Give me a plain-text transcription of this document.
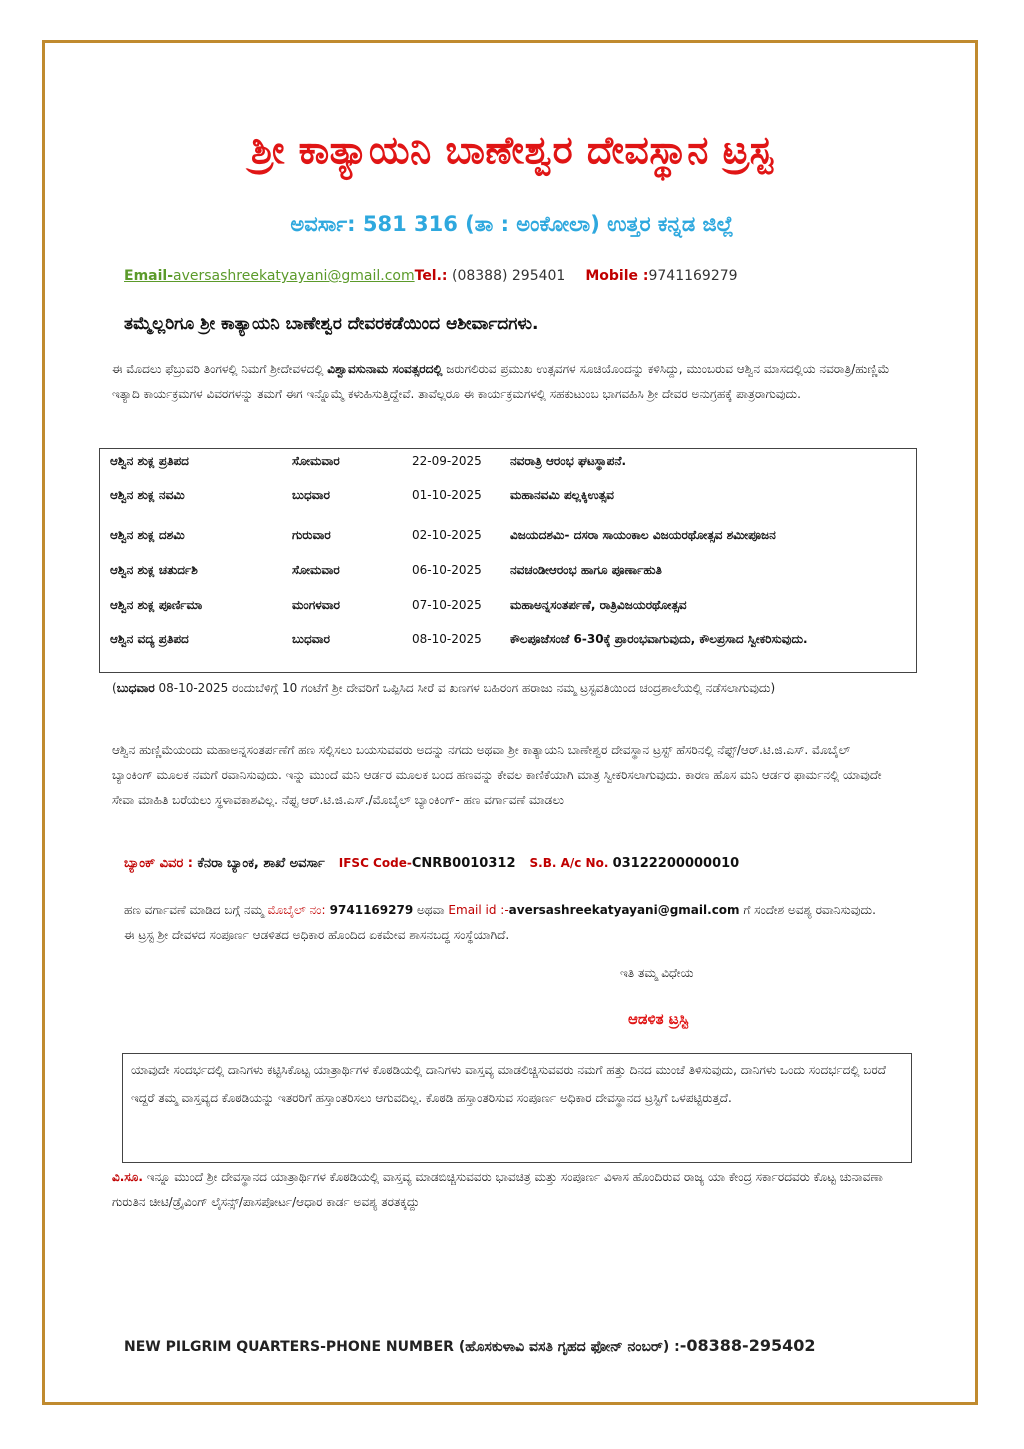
ಶ್ರೀ ಕಾತ್ಯಾಯನಿ ಬಾಣೇಶ್ವರ ದೇವಸ್ಥಾನ ಟ್ರಸ್ಟ
ಅವರ್ಸಾ: 581 316 (ತಾ : ಅಂಕೋಲಾ) ಉತ್ತರ ಕನ್ನಡ ಜಿಲ್ಲೆ
Email-aversashreekatyayani@gmail.comTel.: (08388) 295401 Mobile :9741169279
ತಮ್ಮೆಲ್ಲರಿಗೂ ಶ್ರೀ ಕಾತ್ಯಾಯನಿ ಬಾಣೇಶ್ವರ ದೇವರಕಡೆಯಿಂದ ಆಶೀರ್ವಾದಗಳು.
ಈ ಮೊದಲು ಫೆಬ್ರುವರಿ ತಿಂಗಳಲ್ಲಿ ನಿಮಗೆ ಶ್ರೀದೇವಳದಲ್ಲಿ ವಿಶ್ವಾವಸುನಾಮ ಸಂವತ್ಸರದಲ್ಲಿ ಜರುಗಲಿರುವ ಪ್ರಮುಖ ಉತ್ಸವಗಳ ಸೂಚಿಯೊಂದನ್ನು ಕಳಿಸಿದ್ದು, ಮುಂಬರುವ ಆಶ್ವಿನ ಮಾಸದಲ್ಲಿಯ ನವರಾತ್ರಿ/ಹುಣ್ಣಿಮೆ ಇತ್ಯಾದಿ ಕಾರ್ಯಕ್ರಮಗಳ ವಿವರಗಳನ್ನು ತಮಗೆ ಈಗ ಇನ್ನೊಮ್ಮೆ ಕಳುಹಿಸುತ್ತಿದ್ದೇವೆ. ತಾವೆಲ್ಲರೂ ಈ ಕಾರ್ಯಕ್ರಮಗಳಲ್ಲಿ ಸಹಕುಟುಂಬ ಭಾಗವಹಿಸಿ ಶ್ರೀ ದೇವರ ಅನುಗ್ರಹಕ್ಕೆ ಪಾತ್ರರಾಗುವುದು.
ಆಶ್ವಿನ ಶುಕ್ಲ ಪ್ರತಿಪದ	ಸೋಮವಾರ	22-09-2025 ನವರಾತ್ರಿ ಆರಂಭ ಘಟಸ್ಥಾಪನೆ.
ಆಶ್ವಿನ ಶುಕ್ಲ ನವಮಿ	ಬುಧವಾರ	01-10-2025 ಮಹಾನವಮಿ ಪಲ್ಲಕ್ಕಿಉತ್ಸವ
ಆಶ್ವಿನ ಶುಕ್ಲ ದಶಮಿ	ಗುರುವಾರ	02-10-2025 ವಿಜಯದಶಮಿ- ದಸರಾ ಸಾಯಂಕಾಲ ವಿಜಯರಥೋತ್ಸವ ಶಮೀಪೂಜನ
ಆಶ್ವಿನ ಶುಕ್ಲ ಚತುರ್ದಶಿ	ಸೋಮವಾರ	06-10-2025 ನವಚಂಡೀಆರಂಭ ಹಾಗೂ ಪೂರ್ಣಾಹುತಿ
ಆಶ್ವಿನ ಶುಕ್ಲ ಪೂರ್ಣಿಮಾ	ಮಂಗಳವಾರ	07-10-2025 ಮಹಾಅನ್ನಸಂತರ್ಪಣೆ, ರಾತ್ರಿವಿಜಯರಥೋತ್ಸವ
ಆಶ್ವಿನ ವದ್ಯ ಪ್ರತಿಪದ	ಬುಧವಾರ	08-10-2025 ಕೌಲಪೂಜೆಸಂಜೆ 6-30ಕ್ಕೆ ಪ್ರಾರಂಭವಾಗುವುದು, ಕೌಲಪ್ರಸಾದ ಸ್ವೀಕರಿಸುವುದು.
(ಬುಧವಾರ 08-10-2025 ರಂದುಬೆಳಿಗ್ಗೆ 10 ಗಂಟೆಗೆ ಶ್ರೀ ದೇವರಿಗೆ ಒಪ್ಪಿಸಿದ ಸೀರೆ ವ ಖಣಗಳ ಬಹಿರಂಗ ಹರಾಜು ನಮ್ಮ ಟ್ರಸ್ಟವತಿಯಿಂದ ಚಂದ್ರಶಾಲೆಯಲ್ಲಿ ನಡೆಸಲಾಗುವುದು)
ಆಶ್ವಿನ ಹುಣ್ಣಿಮೆಯಂದು ಮಹಾಅನ್ನಸಂತರ್ಪಣೆಗೆ ಹಣ ಸಲ್ಲಿಸಲು ಬಯಸುವವರು ಅದನ್ನು ನಗದು ಅಥವಾ ಶ್ರೀ ಕಾತ್ಯಾಯನಿ ಬಾಣೇಶ್ವರ ದೇವಸ್ಥಾನ ಟ್ರಸ್ಟ್ ಹೆಸರಿನಲ್ಲಿ ನೆಫ್ಟ್/ಆರ್.ಟಿ.ಜಿ.ಎಸ್. ಮೊಬೈಲ್ ಬ್ಯಾಂಕಿಂಗ್ ಮೂಲಕ ನಮಗೆ ರವಾನಿಸುವುದು. ಇನ್ನು ಮುಂದೆ ಮನಿ ಆರ್ಡರ ಮೂಲಕ ಬಂದ ಹಣವನ್ನು ಕೇವಲ ಕಾಣಿಕೆಯಾಗಿ ಮಾತ್ರ ಸ್ವೀಕರಿಸಲಾಗುವುದು. ಕಾರಣ ಹೊಸ ಮನಿ ಆರ್ಡರ ಫಾರ್ಮನಲ್ಲಿ ಯಾವುದೇ ಸೇವಾ ಮಾಹಿತಿ ಬರೆಯಲು ಸ್ಥಳಾವಕಾಶವಿಲ್ಲ. ನೆಫ್ಟ ಆರ್.ಟಿ.ಜಿ.ಎಸ್./ಮೊಬೈಲ್ ಬ್ಯಾಂಕಿಂಗ್- ಹಣ ವರ್ಗಾವಣೆ ಮಾಡಲು
ಬ್ಯಾಂಕ್ ವಿವರ : ಕೆನರಾ ಬ್ಯಾಂಕ, ಶಾಖೆ ಅವರ್ಸಾ IFSC Code-CNRB0010312 S.B. A/c No. 03122200000010
ಹಣ ವರ್ಗಾವಣೆ ಮಾಡಿದ ಬಗ್ಗೆ ನಮ್ಮ ಮೊಬೈಲ್ ನಂ: 9741169279 ಅಥವಾ Email id :-aversashreekatyayani@gmail.com ಗೆ ಸಂದೇಶ ಅವಶ್ಯ ರವಾನಿಸುವುದು. ಈ ಟ್ರಸ್ಟ ಶ್ರೀ ದೇವಳದ ಸಂಪೂರ್ಣ ಆಡಳಿತದ ಅಧಿಕಾರ ಹೊಂದಿದ ಏಕಮೇವ ಶಾಸನಬದ್ಧ ಸಂಸ್ಥೆಯಾಗಿದೆ.
ಇತಿ ತಮ್ಮ ವಿಧೇಯ
ಆಡಳಿತ ಟ್ರಸ್ಟಿ

ಯಾವುದೇ ಸಂದರ್ಭದಲ್ಲಿ ದಾನಿಗಳು ಕಟ್ಟಿಸಿಕೊಟ್ಟ ಯಾತ್ರಾರ್ಥಿಗಳ ಕೊಠಡಿಯಲ್ಲಿ ದಾನಿಗಳು ವಾಸ್ತವ್ಯ ಮಾಡಲಿಚ್ಚಿಸುವವರು ನಮಗೆ ಹತ್ತು ದಿನದ ಮುಂಚೆ ತಿಳಿಸುವುದು, ದಾನಿಗಳು ಒಂದು ಸಂದರ್ಭದಲ್ಲಿ ಬರದೆ ಇದ್ದರೆ ತಮ್ಮ ವಾಸ್ತವ್ಯದ ಕೊಠಡಿಯನ್ನು ಇತರರಿಗೆ ಹಸ್ತಾಂತರಿಸಲು ಆಗುವದಿಲ್ಲ. ಕೊಠಡಿ ಹಸ್ತಾಂತರಿಸುವ ಸಂಪೂರ್ಣ ಅಧಿಕಾರ ದೇವಸ್ಥಾನದ ಟ್ರಸ್ಟಿಗೆ ಒಳಪಟ್ಟಿರುತ್ತದೆ.

ವಿ.ಸೂ. ಇನ್ನೂ ಮುಂದೆ ಶ್ರೀ ದೇವಸ್ಥಾನದ ಯಾತ್ರಾರ್ಥಿಗಳ ಕೊಠಡಿಯಲ್ಲಿ ವಾಸ್ತವ್ಯ ಮಾಡಬಿಚ್ಚಿಸುವವರು ಭಾವಚಿತ್ರ ಮತ್ತು ಸಂಪೂರ್ಣ ವಿಳಾಸ ಹೊಂದಿರುವ ರಾಜ್ಯ ಯಾ ಕೇಂದ್ರ ಸರ್ಕಾರದವರು ಕೊಟ್ಟ ಚುನಾವಣಾ ಗುರುತಿನ ಚೀಟಿ/ಡ್ರೈವಿಂಗ್ ಲೈಸನ್ಸ್/ಪಾಸಪೋರ್ಟ/ಆಧಾರ ಕಾರ್ಡ ಅವಶ್ಯ ತರತಕ್ಕದ್ದು
NEW PILGRIM QUARTERS-PHONE NUMBER (ಹೊಸಕುಳಾವಿ ವಸತಿ ಗೃಹದ ಫೋನ್ ನಂಬರ್) :-08388-295402
